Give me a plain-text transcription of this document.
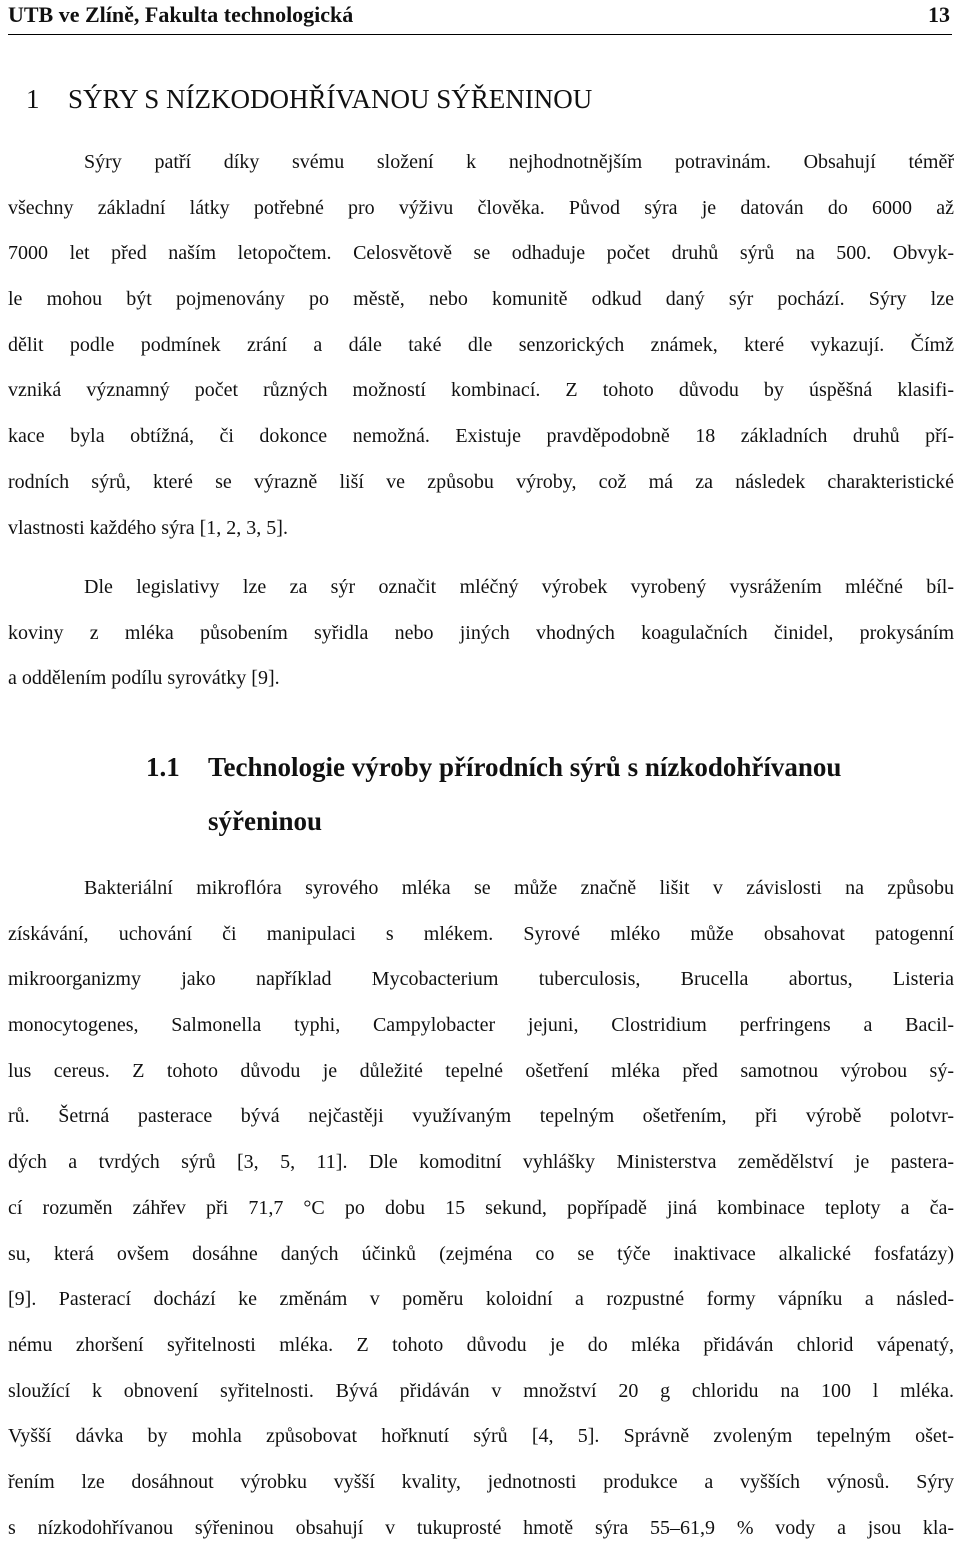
UTB ve Zlíně, Fakulta technologická	13
1 SÝRY S NÍZKODOHŘÍVANOU SÝŘENINOU
Sýry patří díky svému složení k nejhodnotnějším potravinám. Obsahují téměř
všechny základní látky potřebné pro výživu člověka. Původ sýra je datován do 6000 až
7000 let před naším letopočtem. Celosvětově se odhaduje počet druhů sýrů na 500. Obvyk-
le mohou být pojmenovány po městě, nebo komunitě odkud daný sýr pochází. Sýry lze
dělit podle podmínek zrání a dále také dle senzorických známek, které vykazují. Čímž
vzniká významný počet různých možností kombinací. Z tohoto důvodu by úspěšná klasifi-
kace byla obtížná, či dokonce nemožná. Existuje pravděpodobně 18 základních druhů pří-
rodních sýrů, které se výrazně liší ve způsobu výroby, což má za následek charakteristické
vlastnosti každého sýra [1, 2, 3, 5].
Dle legislativy lze za sýr označit mléčný výrobek vyrobený vysrážením mléčné bíl-
koviny z mléka působením syřidla nebo jiných vhodných koagulačních činidel, prokysáním
a oddělením podílu syrovátky [9].
1.1 Technologie výroby přírodních sýrů s nízkodohřívanou
sýřeninou
Bakteriální mikroflóra syrového mléka se může značně lišit v závislosti na způsobu
získávání, uchování či manipulaci s mlékem. Syrové mléko může obsahovat patogenní
mikroorganizmy jako například Mycobacterium tuberculosis, Brucella abortus, Listeria
monocytogenes, Salmonella typhi, Campylobacter jejuni, Clostridium perfringens a Bacil-
lus cereus. Z tohoto důvodu je důležité tepelné ošetření mléka před samotnou výrobou sý-
rů. Šetrná pasterace bývá nejčastěji využívaným tepelným ošetřením, při výrobě polotvr-
dých a tvrdých sýrů [3, 5, 11]. Dle komoditní vyhlášky Ministerstva zemědělství je pastera-
cí rozuměn záhřev při 71,7 °C po dobu 15 sekund, popřípadě jiná kombinace teploty a ča-
su, která ovšem dosáhne daných účinků (zejména co se týče inaktivace alkalické fosfatázy)
[9]. Pasterací dochází ke změnám v poměru koloidní a rozpustné formy vápníku a násled-
nému zhoršení syřitelnosti mléka. Z tohoto důvodu je do mléka přidáván chlorid vápenatý,
sloužící k obnovení syřitelnosti. Bývá přidáván v množství 20 g chloridu na 100 l mléka.
Vyšší dávka by mohla způsobovat hořknutí sýrů [4, 5]. Správně zvoleným tepelným ošet-
řením lze dosáhnout výrobku vyšší kvality, jednotnosti produkce a vyšších výnosů. Sýry
s nízkodohřívanou sýřeninou obsahují v tukuprosté hmotě sýra 55–61,9 % vody a jsou kla-
